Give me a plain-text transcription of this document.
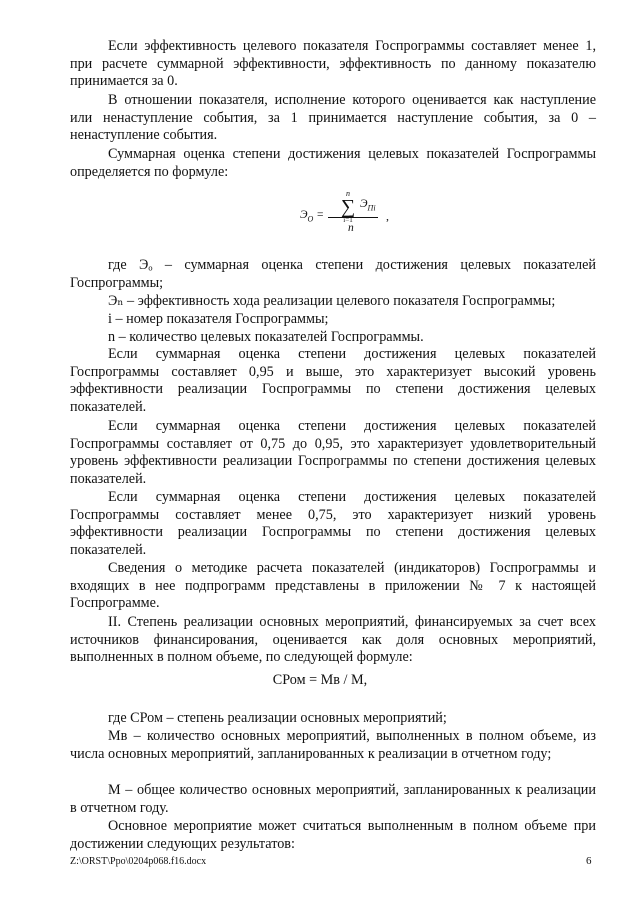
Если эффективность целевого показателя Госпрограммы составляет менее 1, при расчете суммарной эффективности, эффективность по данному показателю принимается за 0.

В отношении показателя, исполнение которого оценивается как наступление или ненаступление события, за 1 принимается наступление события, за 0 – ненаступление события.

Суммарная оценка степени достижения целевых показателей Госпрограммы определяется по формуле:

$Э_О$ =
n
∑
i=1
$Э_{Пi}$
n
,

где Эₒ – суммарная оценка степени достижения целевых показателей Госпрограммы;

Эₙ – эффективность хода реализации целевого показателя Госпрограммы;

i – номер показателя Госпрограммы;

n – количество целевых показателей Госпрограммы.

Если суммарная оценка степени достижения целевых показателей Госпрограммы составляет 0,95 и выше, это характеризует высокий уровень эффективности реализации Госпрограммы по степени достижения целевых показателей.

Если суммарная оценка степени достижения целевых показателей Госпрограммы составляет от 0,75 до 0,95, это характеризует удовлетворительный уровень эффективности реализации Госпрограммы по степени достижения целевых показателей.

Если суммарная оценка степени достижения целевых показателей Госпрограммы составляет менее 0,75, это характеризует низкий уровень эффективности реализации Госпрограммы по степени достижения целевых показателей.

Сведения о методике расчета показателей (индикаторов) Госпрограммы и входящих в нее подпрограмм представлены в приложении № 7 к настоящей Госпрограмме.

II. Степень реализации основных мероприятий, финансируемых за счет всех источников финансирования, оценивается как доля основных мероприятий, выполненных в полном объеме, по следующей формуле:

СРом = Мв / М,

где СРом – степень реализации основных мероприятий;

Мв – количество основных мероприятий, выполненных в полном объеме, из числа основных мероприятий, запланированных к реализации в отчетном году;

М – общее количество основных мероприятий, запланированных к реализации в отчетном году.

Основное мероприятие может считаться выполненным в полном объеме при достижении следующих результатов:

Z:\ORST\Ppo\0204p068.f16.docx	6
